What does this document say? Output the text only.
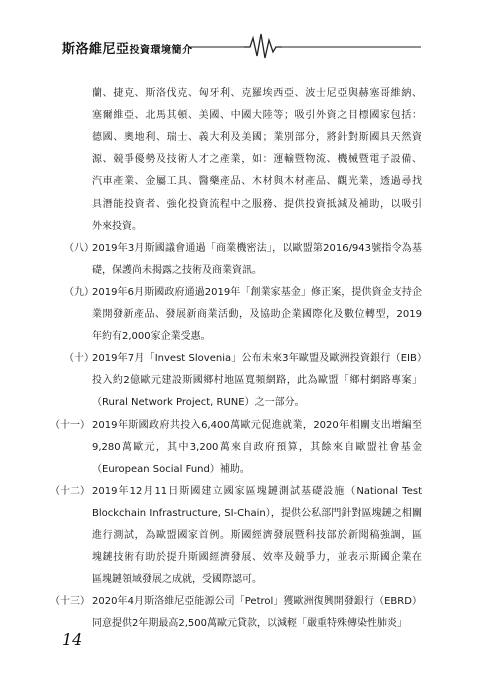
斯洛維尼亞投資環境簡介
蘭、捷克、斯洛伐克、匈牙利、克羅埃西亞、波士尼亞與赫塞哥維納、
塞爾維亞、北馬其頓、美國、中國大陸等；吸引外資之目標國家包括：
德國、奧地利、瑞士、義大利及美國；業別部分，將針對斯國具天然資
源、競爭優勢及技術人才之產業，如：運輸暨物流、機械暨電子設備、
汽車產業、金屬工具、醫藥產品、木材與木材產品、觀光業，透過尋找
具潛能投資者、強化投資流程中之服務、提供投資抵減及補助，以吸引
外來投資。
（八）
2019年3月斯國議會通過「商業機密法」，以歐盟第2016/943號指令為基
礎，保護尚未揭露之技術及商業資訊。
（九）
2019年6月斯國政府通過2019年「創業家基金」修正案，提供資金支持企
業開發新產品、發展新商業活動，及協助企業國際化及數位轉型，2019
年約有2,000家企業受惠。
（十）
2019年7月「Invest Slovenia」公布未來3年歐盟及歐洲投資銀行（EIB）
投入約2億歐元建設斯國鄉村地區寬頻網路，此為歐盟「鄉村網路專案」
（Rural Network Project, RUNE）之一部分。
（十一） 2019年斯國政府共投入6,400萬歐元促進就業，2020年相關支出增編至
9,280萬歐元，其中3,200萬來自政府預算，其餘來自歐盟社會基金
（European Social Fund）補助。
（十二） 2019年12月11日斯國建立國家區塊鏈測試基礎設施（National Test
Blockchain Infrastructure, SI-Chain），提供公私部門針對區塊鏈之相關
進行測試，為歐盟國家首例。斯國經濟發展暨科技部於新聞稿強調，區
塊鏈技術有助於提升斯國經濟發展、效率及競爭力，並表示斯國企業在
區塊鏈領域發展之成就，受國際認可。
（十三） 2020年4月斯洛維尼亞能源公司「Petrol」獲歐洲復興開發銀行（EBRD）
同意提供2年期最高2,500萬歐元貸款，以減輕「嚴重特殊傳染性肺炎」
14
